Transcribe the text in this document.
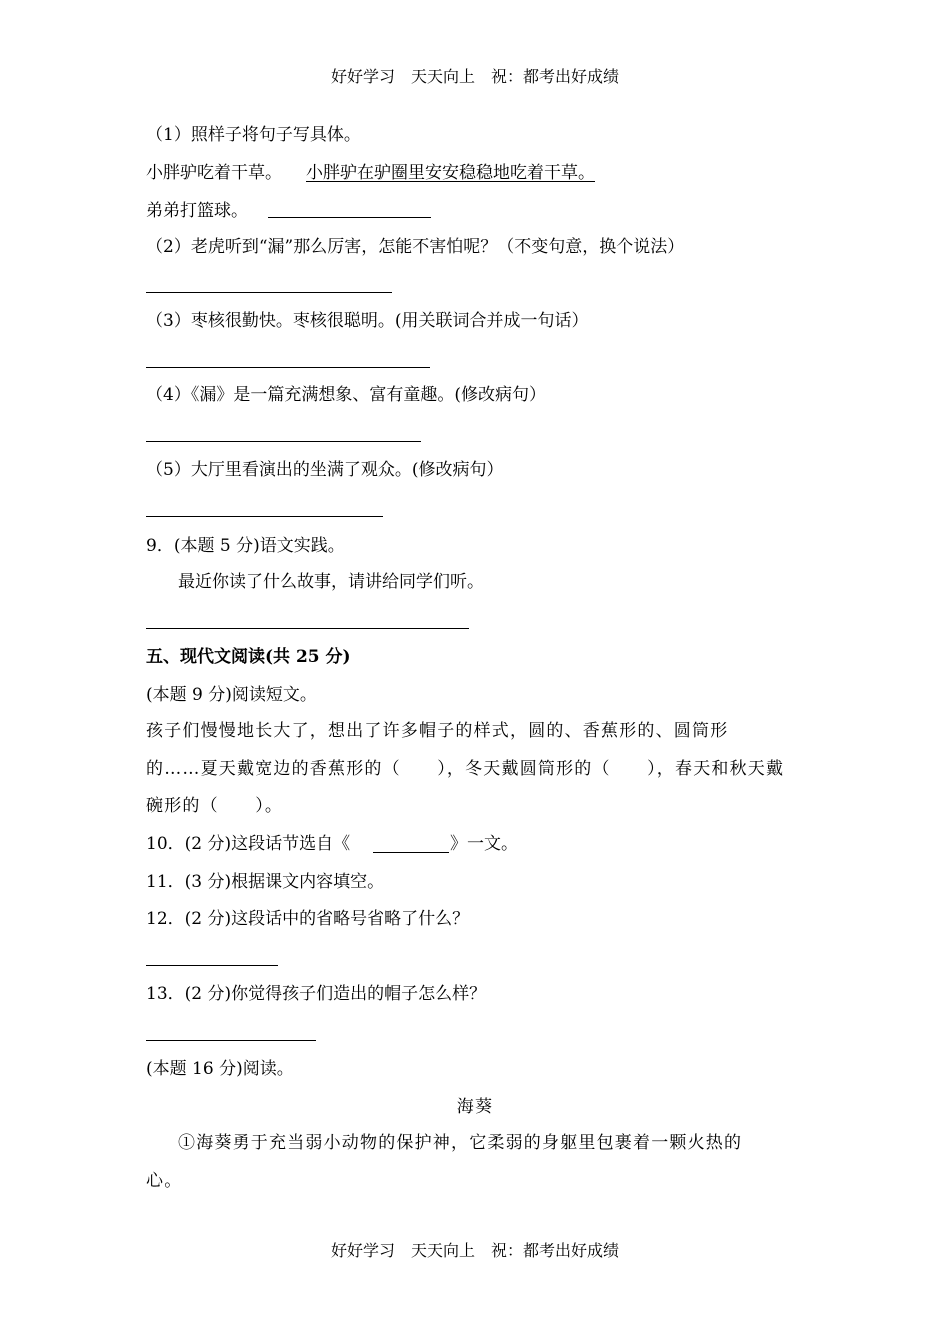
好好学习　天天向上　祝：都考出好成绩
（1）照样子将句子写具体。
小胖驴吃着干草。 小胖驴在驴圈里安安稳稳地吃着干草。
弟弟打篮球。
（2）老虎听到“漏”那么厉害，怎能不害怕呢？（不变句意，换个说法）
（3）枣核很勤快。枣核很聪明。(用关联词合并成一句话）
（4）《漏》是一篇充满想象、富有童趣。(修改病句）
（5）大厅里看演出的坐满了观众。(修改病句）
9．(本题 5 分)语文实践。
最近你读了什么故事，请讲给同学们听。
五、现代文阅读(共 25 分)
(本题 9 分)阅读短文。
孩子们慢慢地长大了，想出了许多帽子的样式，圆的、香蕉形的、圆筒形
的……夏天戴宽边的香蕉形的（　　），冬天戴圆筒形的（　　），春天和秋天戴
碗形的（　　）。
10．(2 分)这段话节选自《	》一文。
11．(3 分)根据课文内容填空。
12．(2 分)这段话中的省略号省略了什么？
13．(2 分)你觉得孩子们造出的帽子怎么样？
(本题 16 分)阅读。
海葵
①海葵勇于充当弱小动物的保护神，它柔弱的身躯里包裹着一颗火热的
心。
好好学习　天天向上　祝：都考出好成绩
